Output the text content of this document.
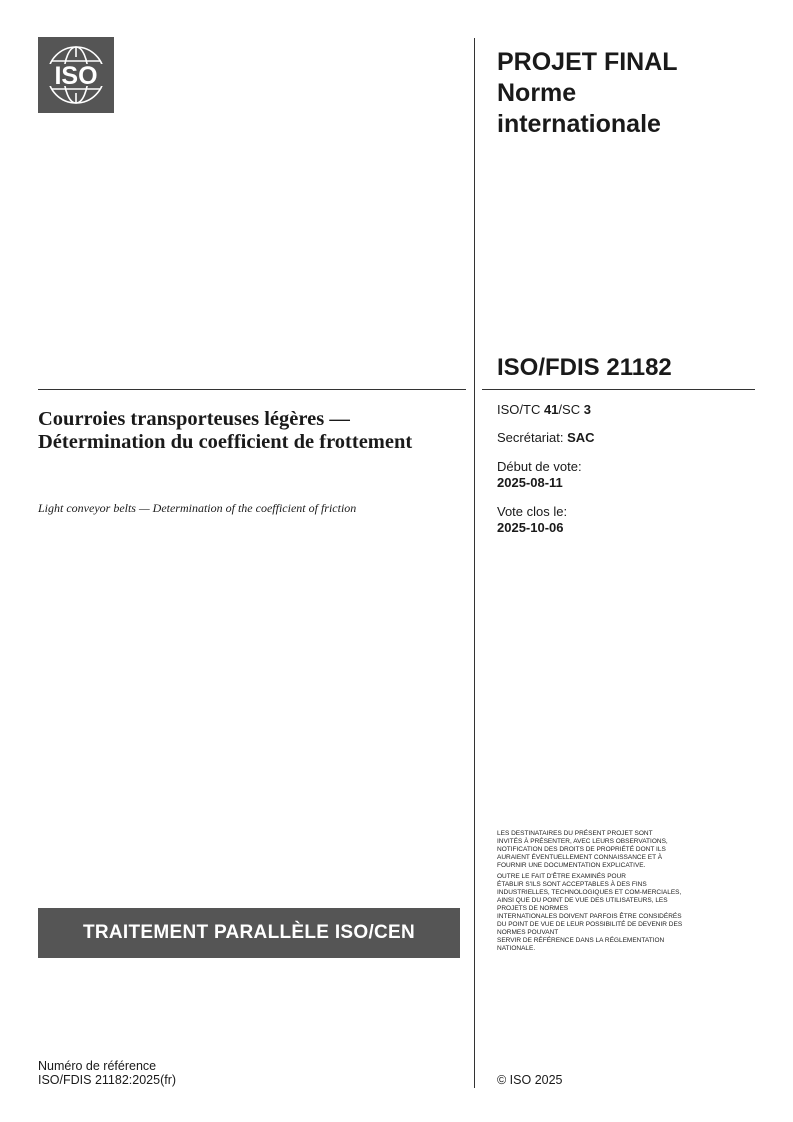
ISO	PROJET FINAL
Norme
internationale
ISO/FDIS 21182
Courroies transporteuses légères — Détermination du coefficient de frottement
Light conveyor belts — Determination of the coefficient of friction
ISO/TC 41/SC 3
Secrétariat: SAC
Début de vote:
2025-08-11
Vote clos le:
2025-10-06

LES DESTINATAIRES DU PRÉSENT PROJET SONT
INVITÉS À PRÉSENTER, AVEC LEURS OBSERVATIONS,
NOTIFICATION DES DROITS DE PROPRIÉTÉ DONT ILS
AURAIENT ÉVENTUELLEMENT CONNAISSANCE ET À
FOURNIR UNE DOCUMENTATION EXPLICATIVE.

OUTRE LE FAIT D'ÊTRE EXAMINÉS POUR
ÉTABLIR S'ILS SONT ACCEPTABLES À DES FINS
INDUSTRIELLES, TECHNOLOGIQUES ET COM-MERCIALES,
AINSI QUE DU POINT DE VUE DES UTILISATEURS, LES
PROJETS DE NORMES
INTERNATIONALES DOIVENT PARFOIS ÊTRE CONSIDÉRÉS
DU POINT DE VUE DE LEUR POSSIBILITÉ DE DEVENIR DES
NORMES POUVANT
SERVIR DE RÉFÉRENCE DANS LA RÉGLEMENTATION
NATIONALE.

TRAITEMENT PARALLÈLE ISO/CEN
Numéro de référence
ISO/FDIS 21182:2025(fr)	© ISO 2025
